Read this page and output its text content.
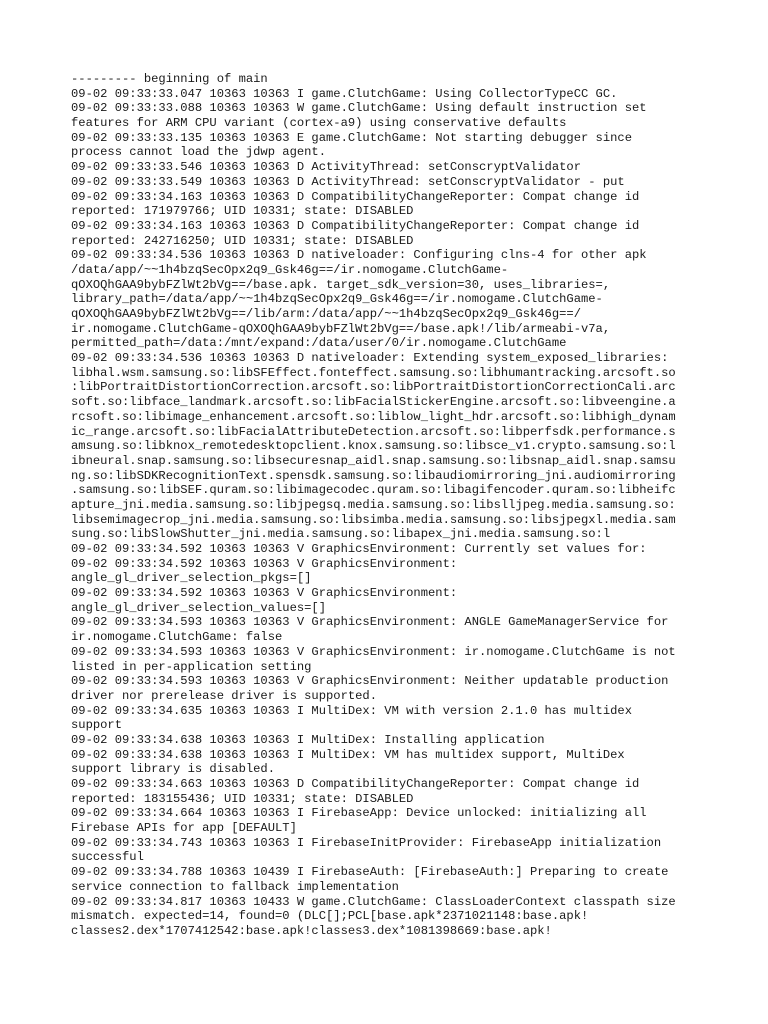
--------- beginning of main
09-02 09:33:33.047 10363 10363 I game.ClutchGame: Using CollectorTypeCC GC.
09-02 09:33:33.088 10363 10363 W game.ClutchGame: Using default instruction set
features for ARM CPU variant (cortex-a9) using conservative defaults
09-02 09:33:33.135 10363 10363 E game.ClutchGame: Not starting debugger since
process cannot load the jdwp agent.
09-02 09:33:33.546 10363 10363 D ActivityThread: setConscryptValidator
09-02 09:33:33.549 10363 10363 D ActivityThread: setConscryptValidator - put
09-02 09:33:34.163 10363 10363 D CompatibilityChangeReporter: Compat change id
reported: 171979766; UID 10331; state: DISABLED
09-02 09:33:34.163 10363 10363 D CompatibilityChangeReporter: Compat change id
reported: 242716250; UID 10331; state: DISABLED
09-02 09:33:34.536 10363 10363 D nativeloader: Configuring clns-4 for other apk
/data/app/~~1h4bzqSecOpx2q9_Gsk46g==/ir.nomogame.ClutchGame-
qOXOQhGAA9bybFZlWt2bVg==/base.apk. target_sdk_version=30, uses_libraries=,
library_path=/data/app/~~1h4bzqSecOpx2q9_Gsk46g==/ir.nomogame.ClutchGame-
qOXOQhGAA9bybFZlWt2bVg==/lib/arm:/data/app/~~1h4bzqSecOpx2q9_Gsk46g==/
ir.nomogame.ClutchGame-qOXOQhGAA9bybFZlWt2bVg==/base.apk!/lib/armeabi-v7a,
permitted_path=/data:/mnt/expand:/data/user/0/ir.nomogame.ClutchGame
09-02 09:33:34.536 10363 10363 D nativeloader: Extending system_exposed_libraries:
libhal.wsm.samsung.so:libSFEffect.fonteffect.samsung.so:libhumantracking.arcsoft.so
:libPortraitDistortionCorrection.arcsoft.so:libPortraitDistortionCorrectionCali.arc
soft.so:libface_landmark.arcsoft.so:libFacialStickerEngine.arcsoft.so:libveengine.a
rcsoft.so:libimage_enhancement.arcsoft.so:liblow_light_hdr.arcsoft.so:libhigh_dynam
ic_range.arcsoft.so:libFacialAttributeDetection.arcsoft.so:libperfsdk.performance.s
amsung.so:libknox_remotedesktopclient.knox.samsung.so:libsce_v1.crypto.samsung.so:l
ibneural.snap.samsung.so:libsecuresnap_aidl.snap.samsung.so:libsnap_aidl.snap.samsu
ng.so:libSDKRecognitionText.spensdk.samsung.so:libaudiomirroring_jni.audiomirroring
.samsung.so:libSEF.quram.so:libimagecodec.quram.so:libagifencoder.quram.so:libheifc
apture_jni.media.samsung.so:libjpegsq.media.samsung.so:libslljpeg.media.samsung.so:
libsemimagecrop_jni.media.samsung.so:libsimba.media.samsung.so:libsjpegxl.media.sam
sung.so:libSlowShutter_jni.media.samsung.so:libapex_jni.media.samsung.so:l
09-02 09:33:34.592 10363 10363 V GraphicsEnvironment: Currently set values for:
09-02 09:33:34.592 10363 10363 V GraphicsEnvironment:
angle_gl_driver_selection_pkgs=[]
09-02 09:33:34.592 10363 10363 V GraphicsEnvironment:
angle_gl_driver_selection_values=[]
09-02 09:33:34.593 10363 10363 V GraphicsEnvironment: ANGLE GameManagerService for
ir.nomogame.ClutchGame: false
09-02 09:33:34.593 10363 10363 V GraphicsEnvironment: ir.nomogame.ClutchGame is not
listed in per-application setting
09-02 09:33:34.593 10363 10363 V GraphicsEnvironment: Neither updatable production
driver nor prerelease driver is supported.
09-02 09:33:34.635 10363 10363 I MultiDex: VM with version 2.1.0 has multidex
support
09-02 09:33:34.638 10363 10363 I MultiDex: Installing application
09-02 09:33:34.638 10363 10363 I MultiDex: VM has multidex support, MultiDex
support library is disabled.
09-02 09:33:34.663 10363 10363 D CompatibilityChangeReporter: Compat change id
reported: 183155436; UID 10331; state: DISABLED
09-02 09:33:34.664 10363 10363 I FirebaseApp: Device unlocked: initializing all
Firebase APIs for app [DEFAULT]
09-02 09:33:34.743 10363 10363 I FirebaseInitProvider: FirebaseApp initialization
successful
09-02 09:33:34.788 10363 10439 I FirebaseAuth: [FirebaseAuth:] Preparing to create
service connection to fallback implementation
09-02 09:33:34.817 10363 10433 W game.ClutchGame: ClassLoaderContext classpath size
mismatch. expected=14, found=0 (DLC[];PCL[base.apk*2371021148:base.apk!
classes2.dex*1707412542:base.apk!classes3.dex*1081398669:base.apk!
